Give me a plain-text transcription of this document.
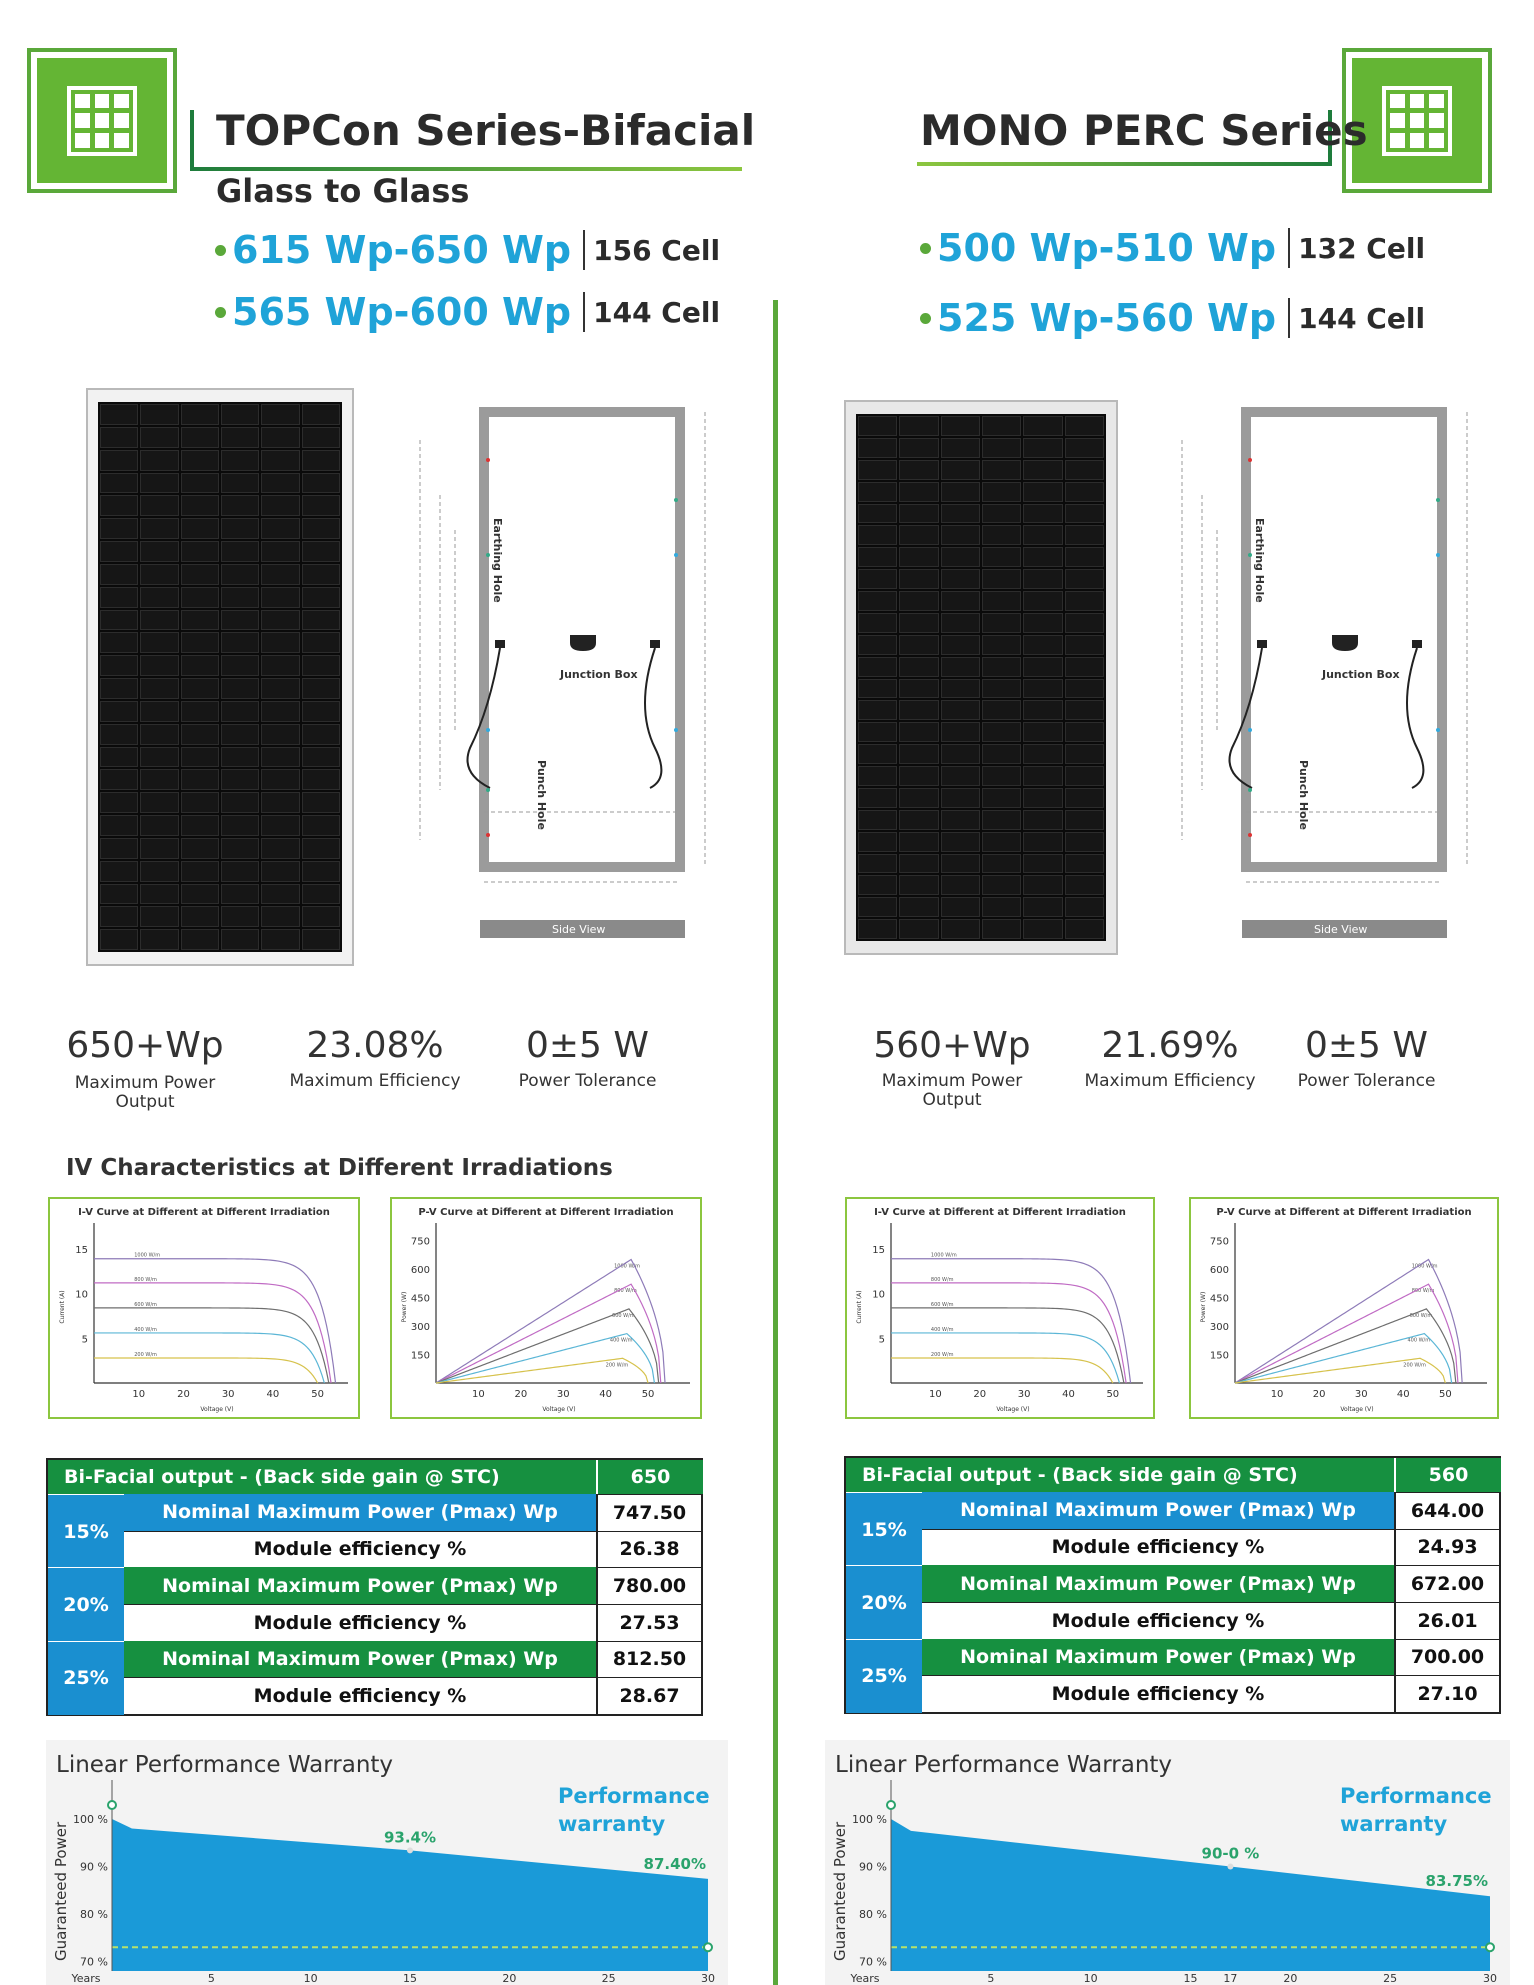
TOPCon Series-Bifacial
Glass to Glass
615 Wp-650 Wp 156 Cell
565 Wp-600 Wp 144 Cell
Earthing Hole
Junction Box
Punch Hole
Side View
650+Wp
Maximum Power Output
23.08%
Maximum Efficiency
0±5 W
Power Tolerance
IV Characteristics at Different Irradiations
I-V Curve at Different at Different Irradiation
10	20	30	40	50
5
10
15
Voltage (V)
Current (A)
1000 W/m
800 W/m
600 W/m
400 W/m
200 W/m
P-V Curve at Different at Different Irradiation
10	20	30	40	50
150
300
450
600
750
Voltage (V)
Power (W)
1000 W/m
800 W/m
600 W/m
400 W/m
200 W/m
Bi-Facial output - (Back side gain @ STC)	650
15%
Nominal Maximum Power (Pmax) Wp	747.50
Module efficiency %	26.38
20%
Nominal Maximum Power (Pmax) Wp	780.00
Module efficiency %	27.53
25%
Nominal Maximum Power (Pmax) Wp	812.50
Module efficiency %	28.67
Linear Performance Warranty
Performance warranty
70 %
80 %
90 %
100 %
5	10	15	20	25	30
Years
Guaranteed Power	93.4%
87.40%
MONO PERC Series
500 Wp-510 Wp 132 Cell
525 Wp-560 Wp 144 Cell
Earthing Hole
Junction Box
Punch Hole
Side View
560+Wp
Maximum Power Output
21.69%
Maximum Efficiency
0±5 W
Power Tolerance
I-V Curve at Different at Different Irradiation
10	20	30	40	50
5
10
15
Voltage (V)
Current (A)
1000 W/m
800 W/m
600 W/m
400 W/m
200 W/m
P-V Curve at Different at Different Irradiation
10	20	30	40	50
150
300
450
600
750
Voltage (V)
Power (W)
1000 W/m
800 W/m
600 W/m
400 W/m
200 W/m
Bi-Facial output - (Back side gain @ STC)	560
15%
Nominal Maximum Power (Pmax) Wp	644.00
Module efficiency %	24.93
20%
Nominal Maximum Power (Pmax) Wp	672.00
Module efficiency %	26.01
25%
Nominal Maximum Power (Pmax) Wp	700.00
Module efficiency %	27.10
Linear Performance Warranty
Performance warranty
70 %
80 %
90 %
100 %
5	10	15 17	20	25	30
Years
Guaranteed Power	90-0 %
83.75%
